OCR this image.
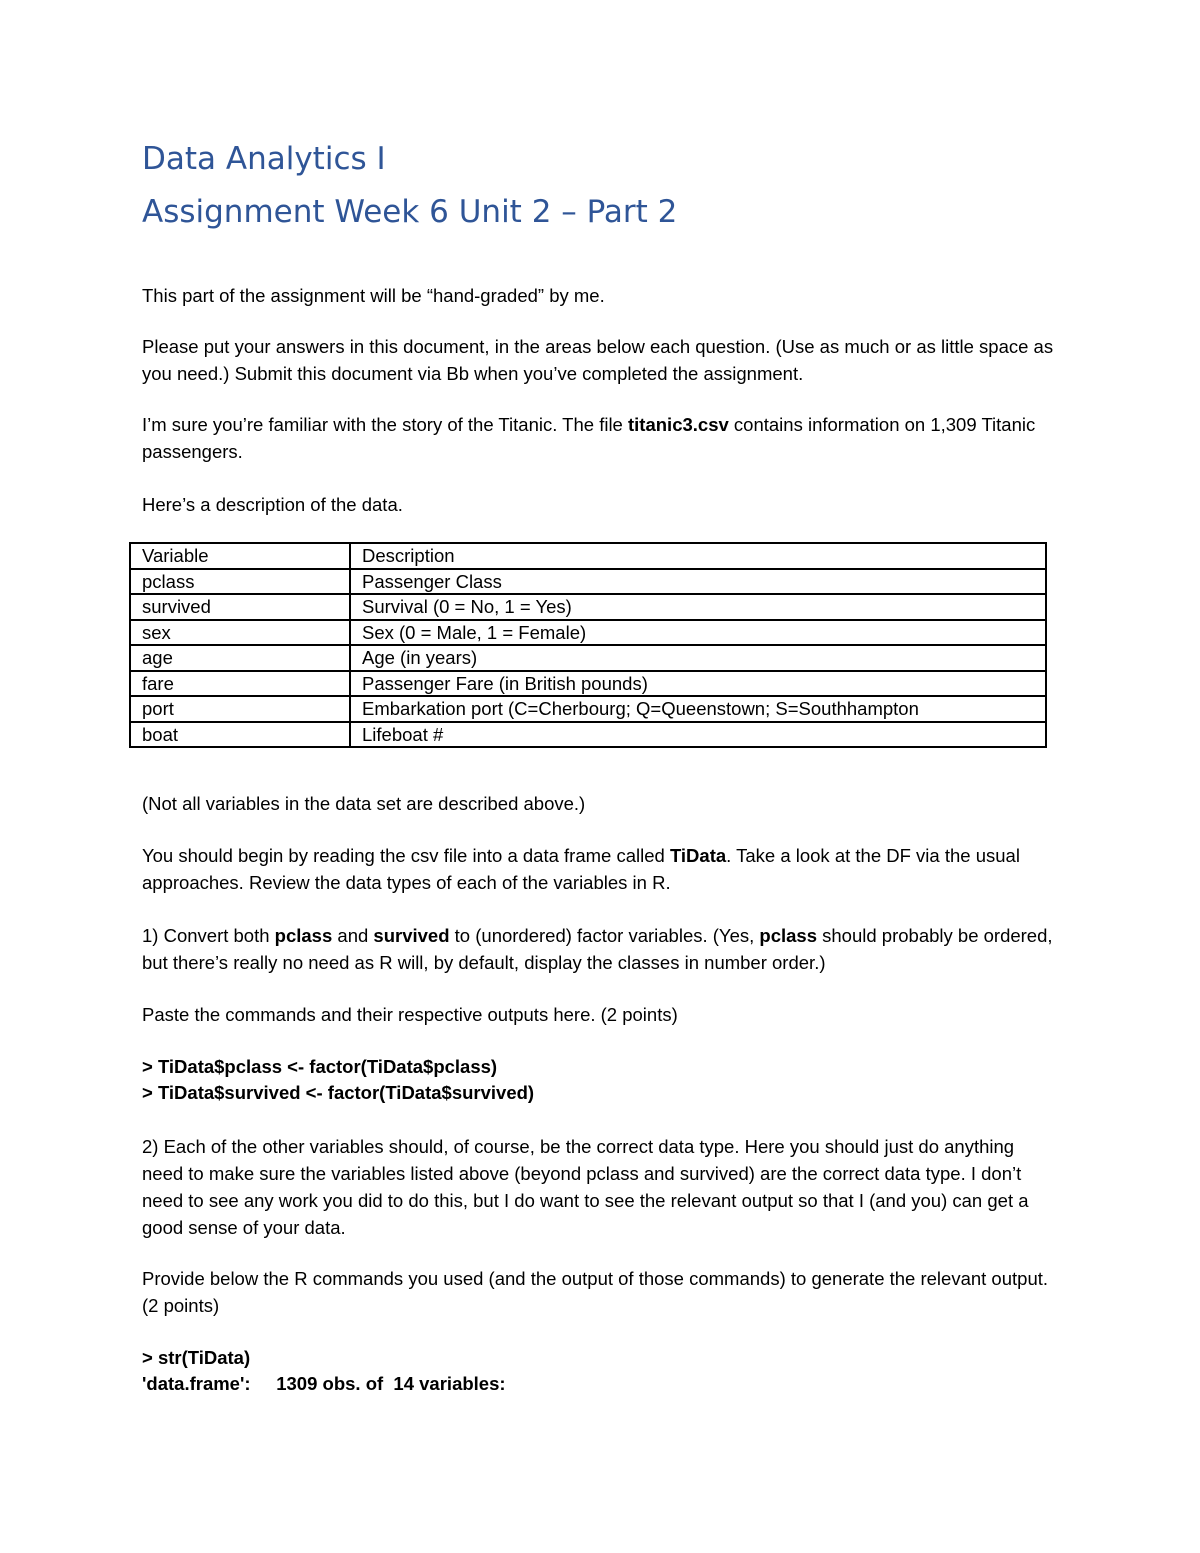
Data Analytics I
Assignment Week 6 Unit 2 – Part 2

This part of the assignment will be “hand-graded” by me.

Please put your answers in this document, in the areas below each question. (Use as much or as little space as you need.) Submit this document via Bb when you’ve completed the assignment.

I’m sure you’re familiar with the story of the Titanic. The file titanic3.csv contains information on 1,309 Titanic passengers.

Here’s a description of the data.

Variable	Description
pclass	Passenger Class
survived	Survival (0 = No, 1 = Yes)
sex	Sex (0 = Male, 1 = Female)
age	Age (in years)
fare	Passenger Fare (in British pounds)
port	Embarkation port (C=Cherbourg; Q=Queenstown; S=Southhampton
boat	Lifeboat #

(Not all variables in the data set are described above.)

You should begin by reading the csv file into a data frame called TiData. Take a look at the DF via the usual approaches. Review the data types of each of the variables in R.

1) Convert both pclass and survived to (unordered) factor variables. (Yes, pclass should probably be ordered, but there’s really no need as R will, by default, display the classes in number order.)

Paste the commands and their respective outputs here. (2 points)

> TiData$pclass <- factor(TiData$pclass)

> TiData$survived <- factor(TiData$survived)

2) Each of the other variables should, of course, be the correct data type. Here you should just do anything need to make sure the variables listed above (beyond pclass and survived) are the correct data type. I don’t need to see any work you did to do this, but I do want to see the relevant output so that I (and you) can get a good sense of your data.

Provide below the R commands you used (and the output of those commands) to generate the relevant output. (2 points)

> str(TiData)

'data.frame':     1309 obs. of  14 variables:
